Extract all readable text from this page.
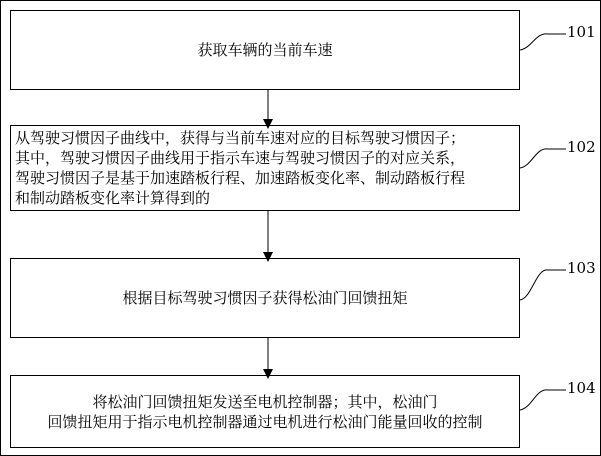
获取车辆的当前车速
101
从驾驶习惯因子曲线中，获得与当前车速对应的目标驾驶习惯因子；
其中，驾驶习惯因子曲线用于指示车速与驾驶习惯因子的对应关系，
驾驶习惯因子是基于加速踏板行程、加速踏板变化率、制动踏板行程
和制动踏板变化率计算得到的
102
根据目标驾驶习惯因子获得松油门回馈扭矩
103
将松油门回馈扭矩发送至电机控制器；其中，松油门
回馈扭矩用于指示电机控制器通过电机进行松油门能量回收的控制
104
